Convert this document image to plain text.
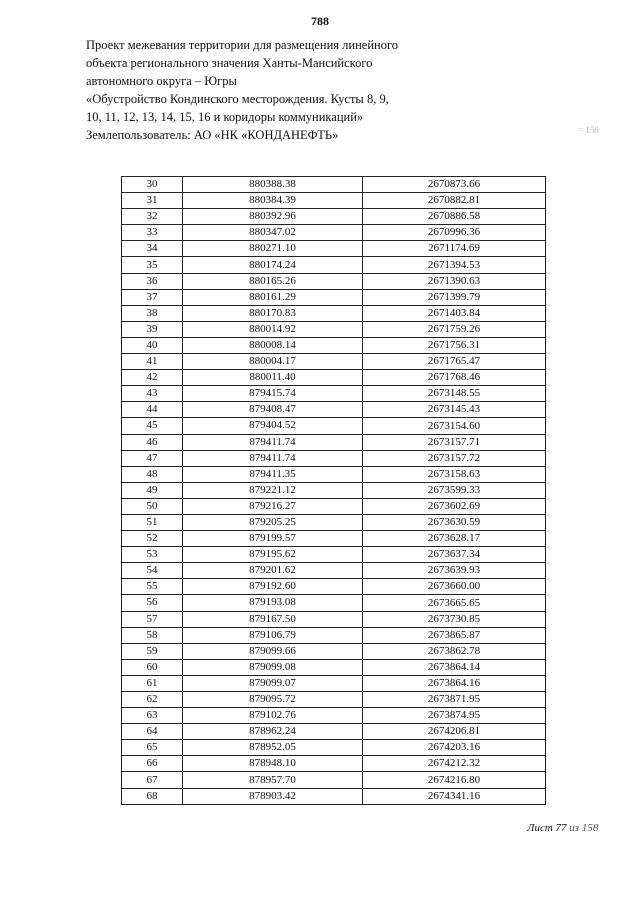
788
Проект межевания территории для размещения линейного
объекта регионального значения Ханты-Мансийского
автономного округа – Югры
«Обустройство Кондинского месторождения. Кусты 8, 9,
10, 11, 12, 13, 14, 15, 16 и коридоры коммуникаций»
Землепользователь: АО «НК «КОНДАНЕФТЬ»	= 158
30	880388.38	2670873.66
31	880384.39	2670882.81
32	880392.96	2670886.58
33	880347.02	2670996.36
34	880271.10	2671174.69
35	880174.24	2671394.53
36	880165.26	2671390.63
37	880161.29	2671399.79
38	880170.83	2671403.84
39	880014.92	2671759.26
40	880008.14	2671756.31
41	880004.17	2671765.47
42	880011.40	2671768.46
43	879415.74	2673148.55
44	879408.47	2673145.43
45	879404.52	2673154.60
46	879411.74	2673157.71
47	879411.74	2673157.72
48	879411.35	2673158.63
49	879221.12	2673599.33
50	879216.27	2673602.69
51	879205.25	2673630.59
52	879199.57	2673628.17
53	879195.62	2673637.34
54	879201.62	2673639.93
55	879192.60	2673660.00
56	879193.08	2673665.65
57	879167.50	2673730.85
58	879106.79	2673865.87
59	879099.66	2673862.78
60	879099.08	2673864.14
61	879099.07	2673864.16
62	879095.72	2673871.95
63	879102.76	2673874.95
64	878962.24	2674206.81
65	878952.05	2674203.16
66	878948.10	2674212.32
67	878957.70	2674216.80
68	878903.42	2674341.16
Лист 77 из 158
